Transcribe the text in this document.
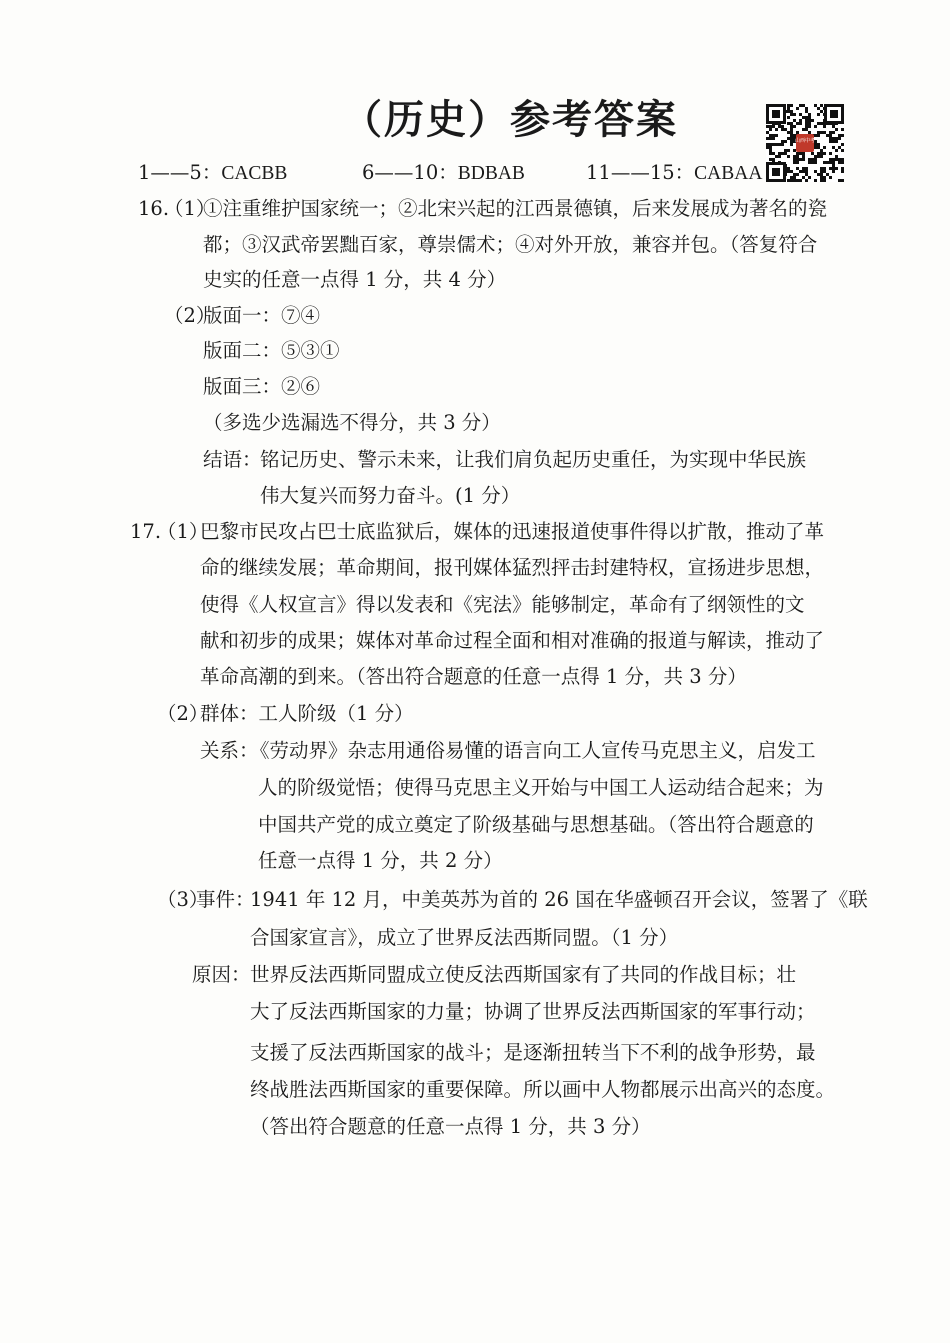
（历史）参考答案	山西中考
1——5：CACBB	6——10：BDBAB	11——15：CABAA
16.
（1）
①注重维护国家统一；②北宋兴起的江西景德镇，后来发展成为著名的瓷
都；③汉武帝罢黜百家，尊崇儒术；④对外开放，兼容并包。（答复符合
史实的任意一点得 1 分，共 4 分）
（2）
版面一：⑦④
版面二：⑤③①
版面三：②⑥
（多选少选漏选不得分，共 3 分）
结语：
铭记历史、警示未来，让我们肩负起历史重任，为实现中华民族
伟大复兴而努力奋斗。(1 分）
17.
（1）
巴黎市民攻占巴士底监狱后，媒体的迅速报道使事件得以扩散，推动了革
命的继续发展；革命期间，报刊媒体猛烈抨击封建特权，宣扬进步思想，
使得《人权宣言》得以发表和《宪法》能够制定，革命有了纲领性的文
献和初步的成果；媒体对革命过程全面和相对准确的报道与解读，推动了
革命高潮的到来。（答出符合题意的任意一点得 1 分，共 3 分）
（2）
群体：工人阶级（1 分）
关系：
《劳动界》杂志用通俗易懂的语言向工人宣传马克思主义，启发工
人的阶级觉悟；使得马克思主义开始与中国工人运动结合起来；为
中国共产党的成立奠定了阶级基础与思想基础。（答出符合题意的
任意一点得 1 分，共 2 分）
（3）
事件：
1941 年 12 月，中美英苏为首的 26 国在华盛顿召开会议，签署了《联
合国家宣言》，成立了世界反法西斯同盟。（1 分）
原因： 世界反法西斯同盟成立使反法西斯国家有了共同的作战目标；壮
大了反法西斯国家的力量；协调了世界反法西斯国家的军事行动；
支援了反法西斯国家的战斗；是逐渐扭转当下不利的战争形势，最
终战胜法西斯国家的重要保障。所以画中人物都展示出高兴的态度。
（答出符合题意的任意一点得 1 分，共 3 分）
